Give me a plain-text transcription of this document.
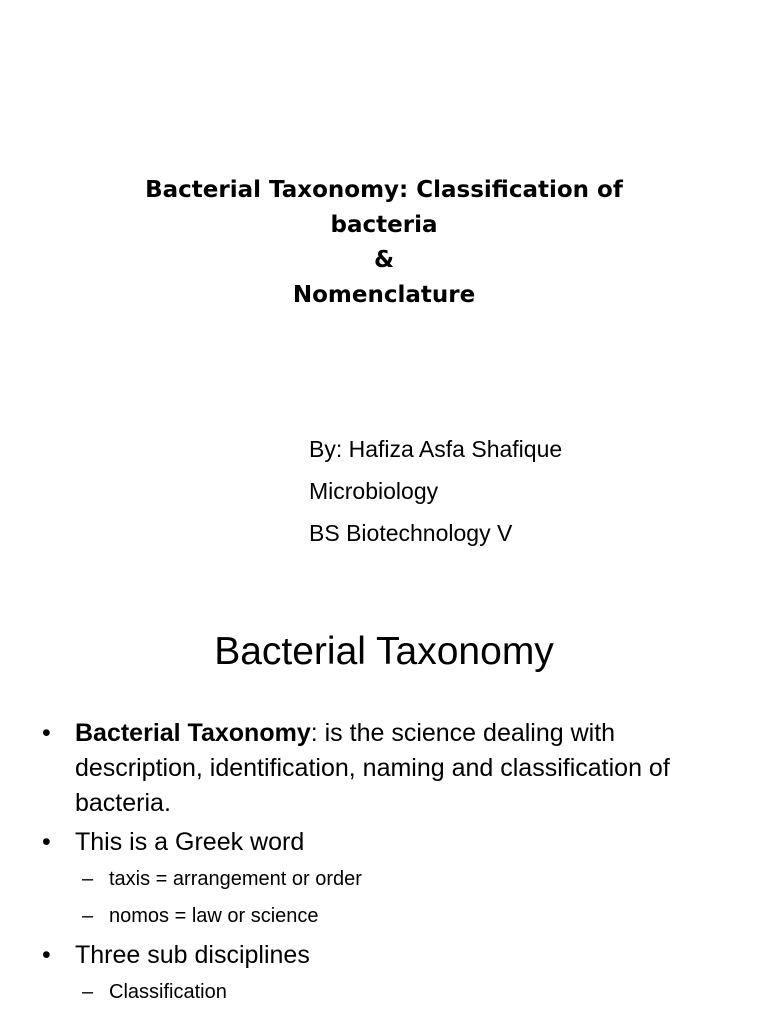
Bacterial Taxonomy: Classification of
bacteria
&
Nomenclature
By: Hafiza Asfa Shafique
Microbiology
BS Biotechnology V
Bacterial Taxonomy
• Bacterial Taxonomy: is the science dealing with description, identification, naming and classification of bacteria.
• This is a Greek word
– taxis = arrangement or order
– nomos = law or science
• Three sub disciplines
– Classification
